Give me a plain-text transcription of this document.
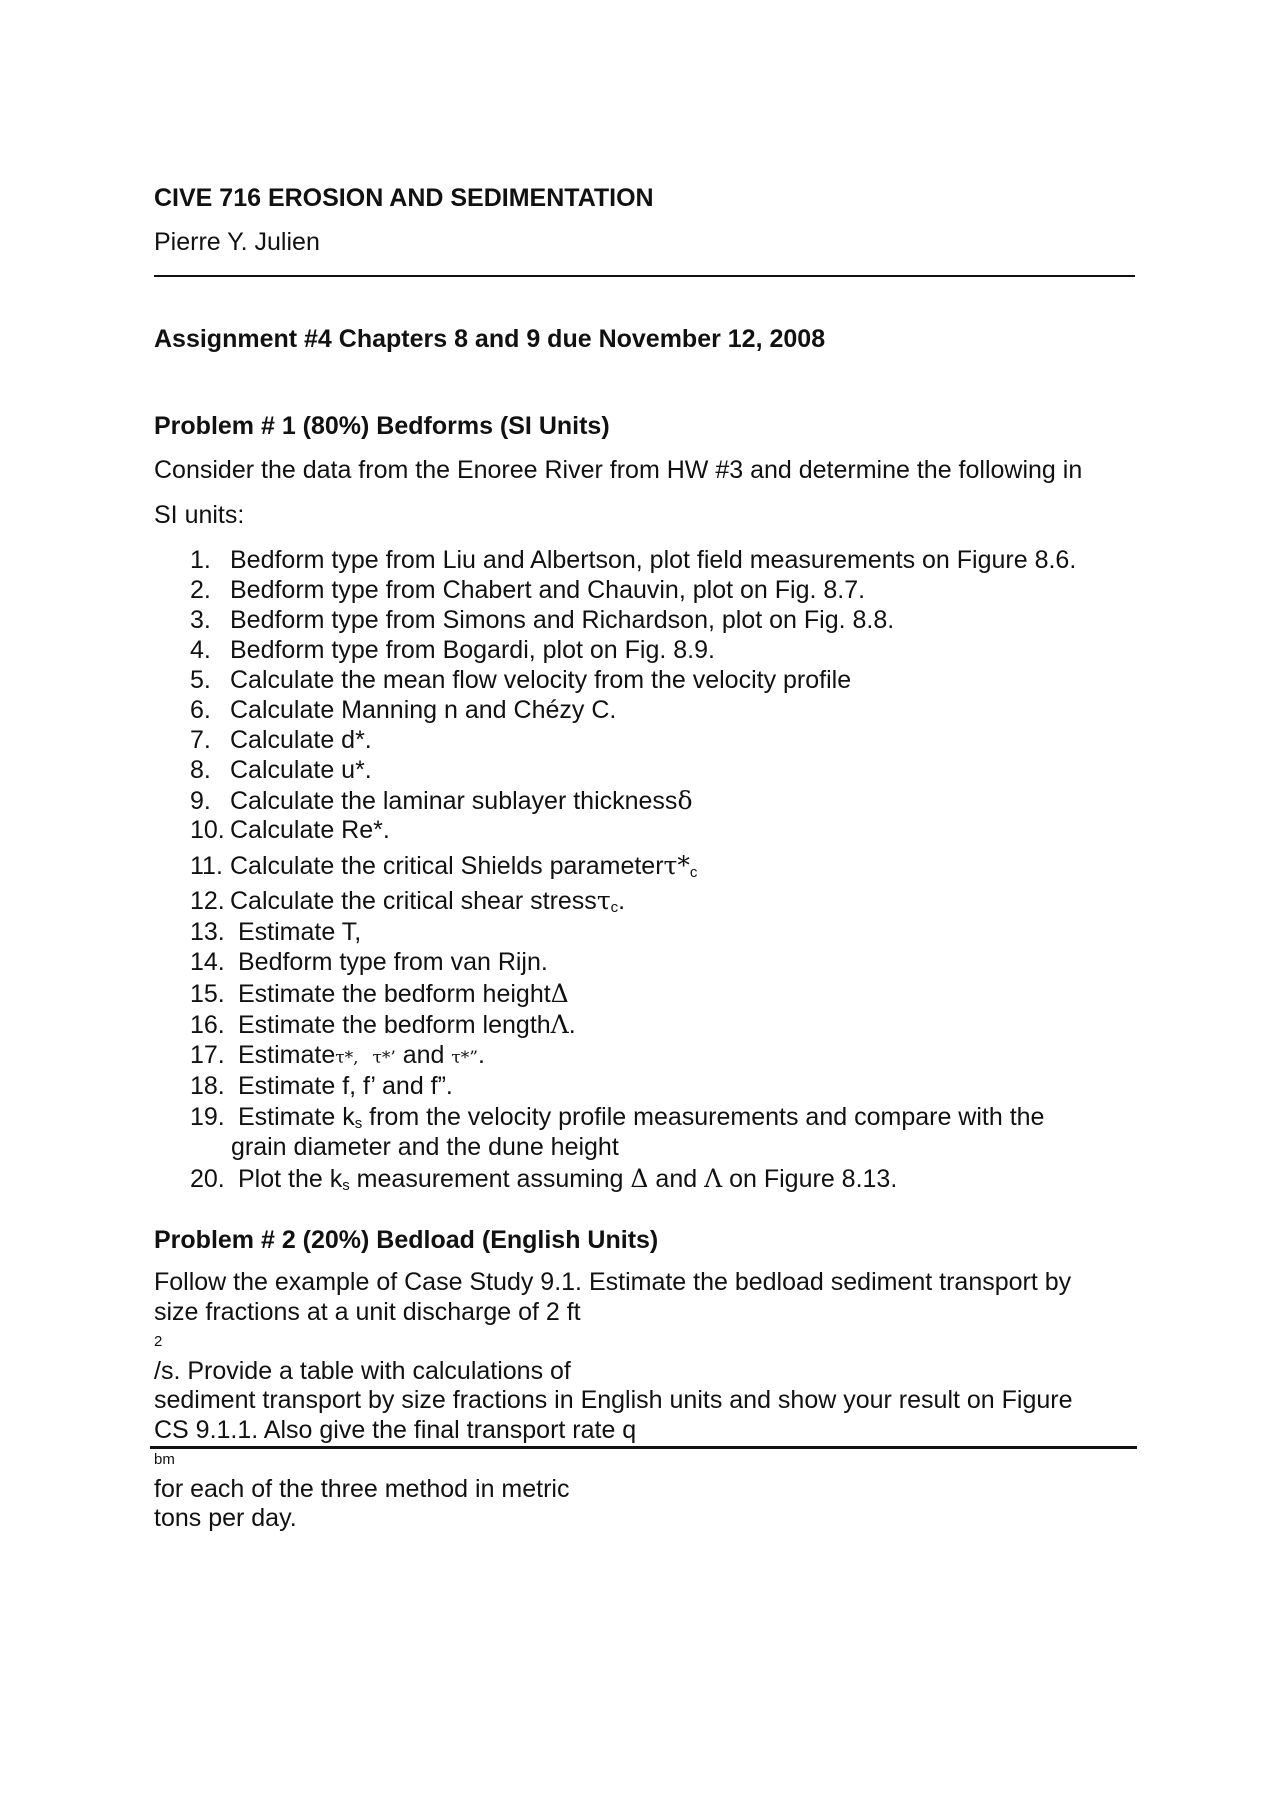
CIVE 716 EROSION AND SEDIMENTATION

Pierre Y. Julien

Assignment #4 Chapters 8 and 9 due November 12, 2008

Problem # 1 (80%) Bedforms (SI Units)

Consider the data from the Enoree River from HW #3 and determine the following in

SI units:

1. Bedform type from Liu and Albertson, plot field measurements on Figure 8.6.
2. Bedform type from Chabert and Chauvin, plot on Fig. 8.7.
3. Bedform type from Simons and Richardson, plot on Fig. 8.8.
4. Bedform type from Bogardi, plot on Fig. 8.9.
5. Calculate the mean flow velocity from the velocity profile
6. Calculate Manning n and Chézy C.
7. Calculate d*.
8. Calculate u*.
9. Calculate the laminar sublayer thicknessδ
10. Calculate Re*.
11. Calculate the critical Shields $parameter\tau*_c$
12. Calculate the critical shear stressτ$_c$.
13. Estimate T,
14. Bedform type from van Rijn.
15. Estimate the bedform heightΔ
16. Estimate the bedform lengthΛ.
17. Estimateτ*, τ*’ and τ*”.
18. Estimate f, f’ and f”.
19. Estimate $k_s$ from the velocity profile measurements and compare with the
grain diameter and the dune height
20. Plot the $k_s$ measurement assuming Δ and Λ on Figure 8.13.

Problem # 2 (20%) Bedload (English Units)

Follow the example of Case Study 9.1. Estimate the bedload sediment transport by
size fractions at a unit discharge of 2 ft
2
/s. Provide a table with calculations of
sediment transport by size fractions in English units and show your result on Figure
CS 9.1.1. Also give the final transport rate q
bm
for each of the three method in metric
tons per day.
